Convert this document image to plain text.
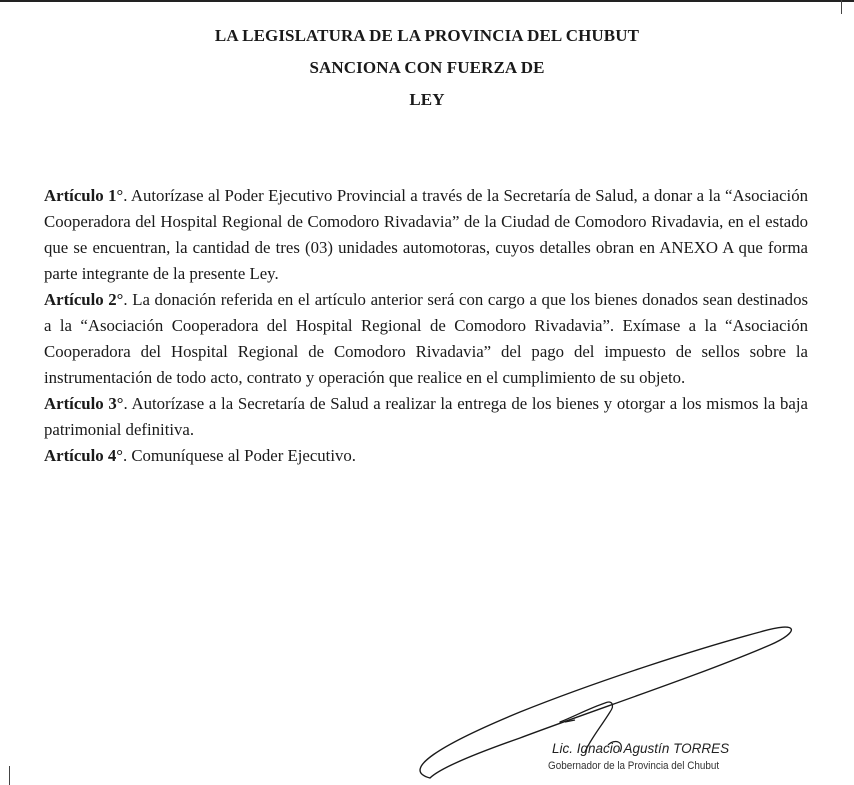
LA LEGISLATURA DE LA PROVINCIA DEL CHUBUT
SANCIONA CON FUERZA DE
LEY

Artículo 1°. Autorízase al Poder Ejecutivo Provincial a través de la Secretaría de Salud, a donar a la “Asociación Cooperadora del Hospital Regional de Comodoro Rivadavia” de la Ciudad de Comodoro Rivadavia, en el estado que se encuentran, la cantidad de tres (03) unidades automotoras, cuyos detalles obran en ANEXO A que forma parte integrante de la presente Ley.

Artículo 2°. La donación referida en el artículo anterior será con cargo a que los bienes donados sean destinados a la “Asociación Cooperadora del Hospital Regional de Comodoro Rivadavia”. Exímase a la “Asociación Cooperadora del Hospital Regional de Comodoro Rivadavia” del pago del impuesto de sellos sobre la instrumentación de todo acto, contrato y operación que realice en el cumplimiento de su objeto.

Artículo 3°. Autorízase a la Secretaría de Salud a realizar la entrega de los bienes y otorgar a los mismos la baja patrimonial definitiva.

Artículo 4°. Comuníquese al Poder Ejecutivo.

Lic. Ignacio Agustín TORRES
Gobernador de la Provincia del Chubut
